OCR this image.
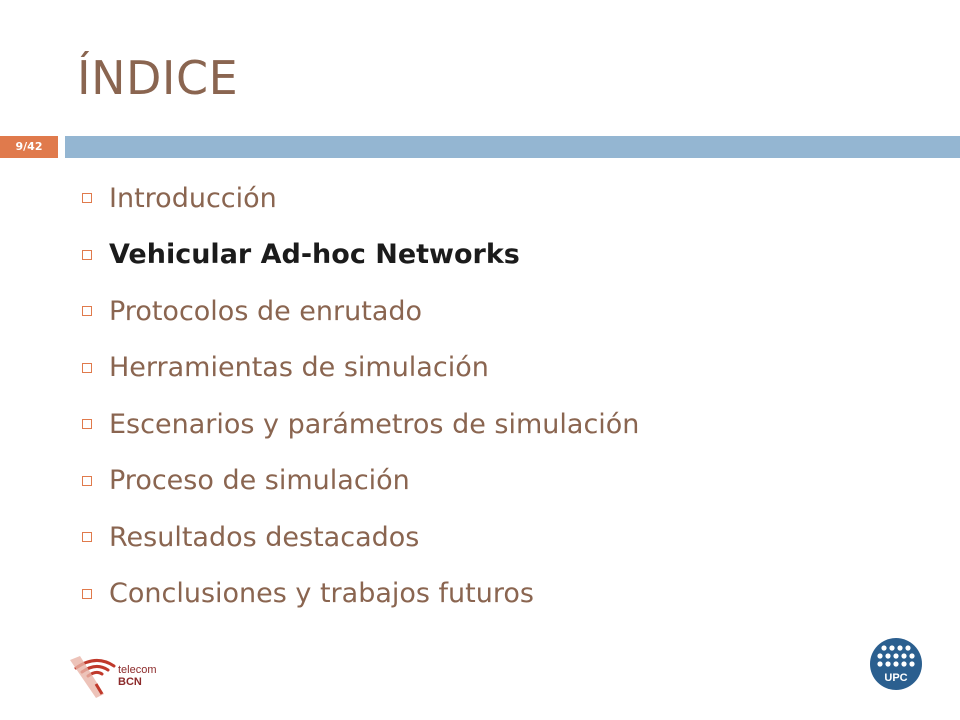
ÍNDICE
9/42
Introducción
Vehicular Ad-hoc Networks
Protocolos de enrutado
Herramientas de simulación
Escenarios y parámetros de simulación
Proceso de simulación
Resultados destacados
Conclusiones y trabajos futuros
telecom
BCN	UPC
